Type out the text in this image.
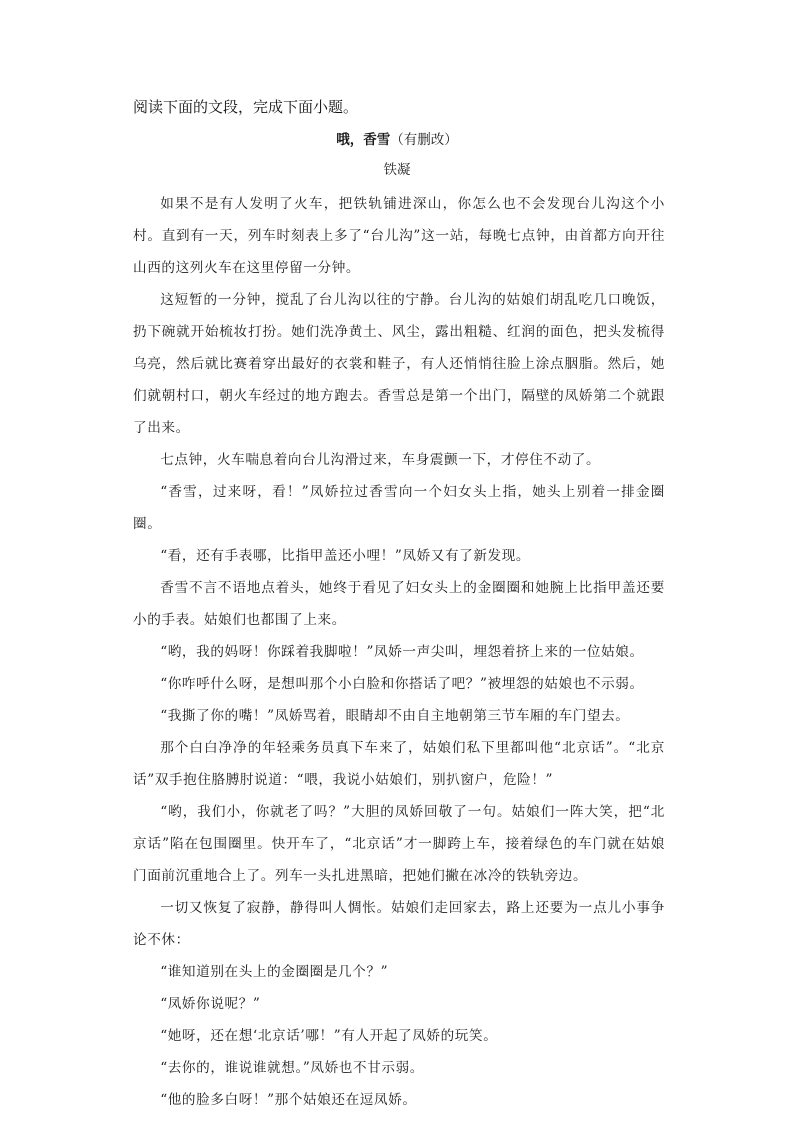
阅读下面的文段，完成下面小题。
哦，香雪（有删改）
铁凝

如果不是有人发明了火车，把铁轨铺进深山，你怎么也不会发现台儿沟这个小村。直到有一天，列车时刻表上多了“台儿沟”这一站，每晚七点钟，由首都方向开往山西的这列火车在这里停留一分钟。

这短暂的一分钟，搅乱了台儿沟以往的宁静。台儿沟的姑娘们胡乱吃几口晚饭，扔下碗就开始梳妆打扮。她们洗净黄土、风尘，露出粗糙、红润的面色，把头发梳得乌亮，然后就比赛着穿出最好的衣裳和鞋子，有人还悄悄往脸上涂点胭脂。然后，她们就朝村口，朝火车经过的地方跑去。香雪总是第一个出门，隔壁的凤娇第二个就跟了出来。

七点钟，火车喘息着向台儿沟滑过来，车身震颤一下，才停住不动了。

“香雪，过来呀，看！”凤娇拉过香雪向一个妇女头上指，她头上别着一排金圈圈。

“看，还有手表哪，比指甲盖还小哩！”凤娇又有了新发现。

香雪不言不语地点着头，她终于看见了妇女头上的金圈圈和她腕上比指甲盖还要小的手表。姑娘们也都围了上来。

“哟，我的妈呀！你踩着我脚啦！”凤娇一声尖叫，埋怨着挤上来的一位姑娘。

“你咋呼什么呀，是想叫那个小白脸和你搭话了吧？”被埋怨的姑娘也不示弱。

“我撕了你的嘴！”凤娇骂着，眼睛却不由自主地朝第三节车厢的车门望去。

那个白白净净的年轻乘务员真下车来了，姑娘们私下里都叫他“北京话”。“北京话”双手抱住胳膊肘说道：“喂，我说小姑娘们，别扒窗户，危险！”

“哟，我们小，你就老了吗？”大胆的凤娇回敬了一句。姑娘们一阵大笑，把“北京话”陷在包围圈里。快开车了，“北京话”才一脚跨上车，接着绿色的车门就在姑娘门面前沉重地合上了。列车一头扎进黑暗，把她们撇在冰冷的铁轨旁边。

一切又恢复了寂静，静得叫人惆怅。姑娘们走回家去，路上还要为一点儿小事争论不休：

“谁知道别在头上的金圈圈是几个？”

“凤娇你说呢？”

“她呀，还在想‘北京话’哪！”有人开起了凤娇的玩笑。

“去你的，谁说谁就想。”凤娇也不甘示弱。

“他的脸多白呀！”那个姑娘还在逗凤娇。
